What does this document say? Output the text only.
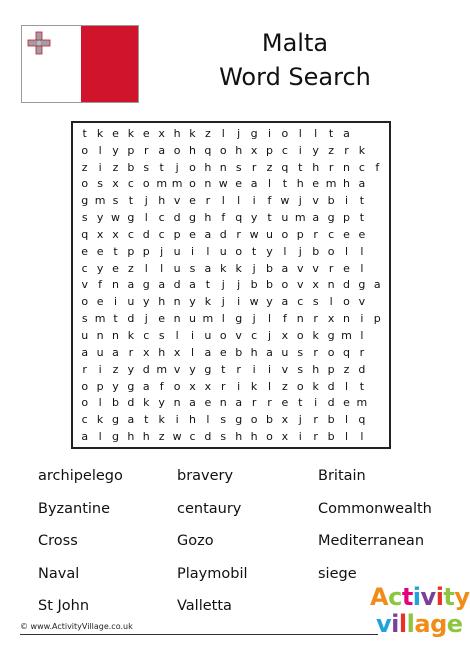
Malta
Word Search
t k e k e x h k z l	j g i o l	l	t a
o l y p r a o h q o h x p c i y z r k
z i z b s t	j o h n s r z q t h r n c f
o s x c o m m o n w e a l	t h e m h a
g m s t	j h v e r	l	l	i	f w j v b i	t
s y w g l c d g h f q y t u m a g p t
q x x c d c p e a d r w u o p r c e e
e e t p p j u i	l u o t y l	j b o l	l
c y e z l	l u s a k k j b a v v r e l
v f n a g a d a t	j	j b b o v x n d g a
o e i u y h n y k j	i w y a c s	l o v
s m t d j e n u m l g j	l	f n r x n i p
u n n k c s	l	i u o v c j x o k g m l
a u a r x h x l a e b h a u s r o q r
r	i z y d m v y g t r	i	i v s h p z d
o p y g a f o x x r	i k l z o k d l	t
o l b d k y n a e n a r r e t	i d e m
c k g a t k i h l	s g o b x j	r b l q
a l g h h z w c d s h h o x i	r b l	l
archipelego	bravery	Britain
Byzantine	centaury	Commonwealth
Cross	Gozo	Mediterranean
Naval	Playmobil	siege
St John	Valletta
© www.ActivityVillage.co.uk
Activity
village
